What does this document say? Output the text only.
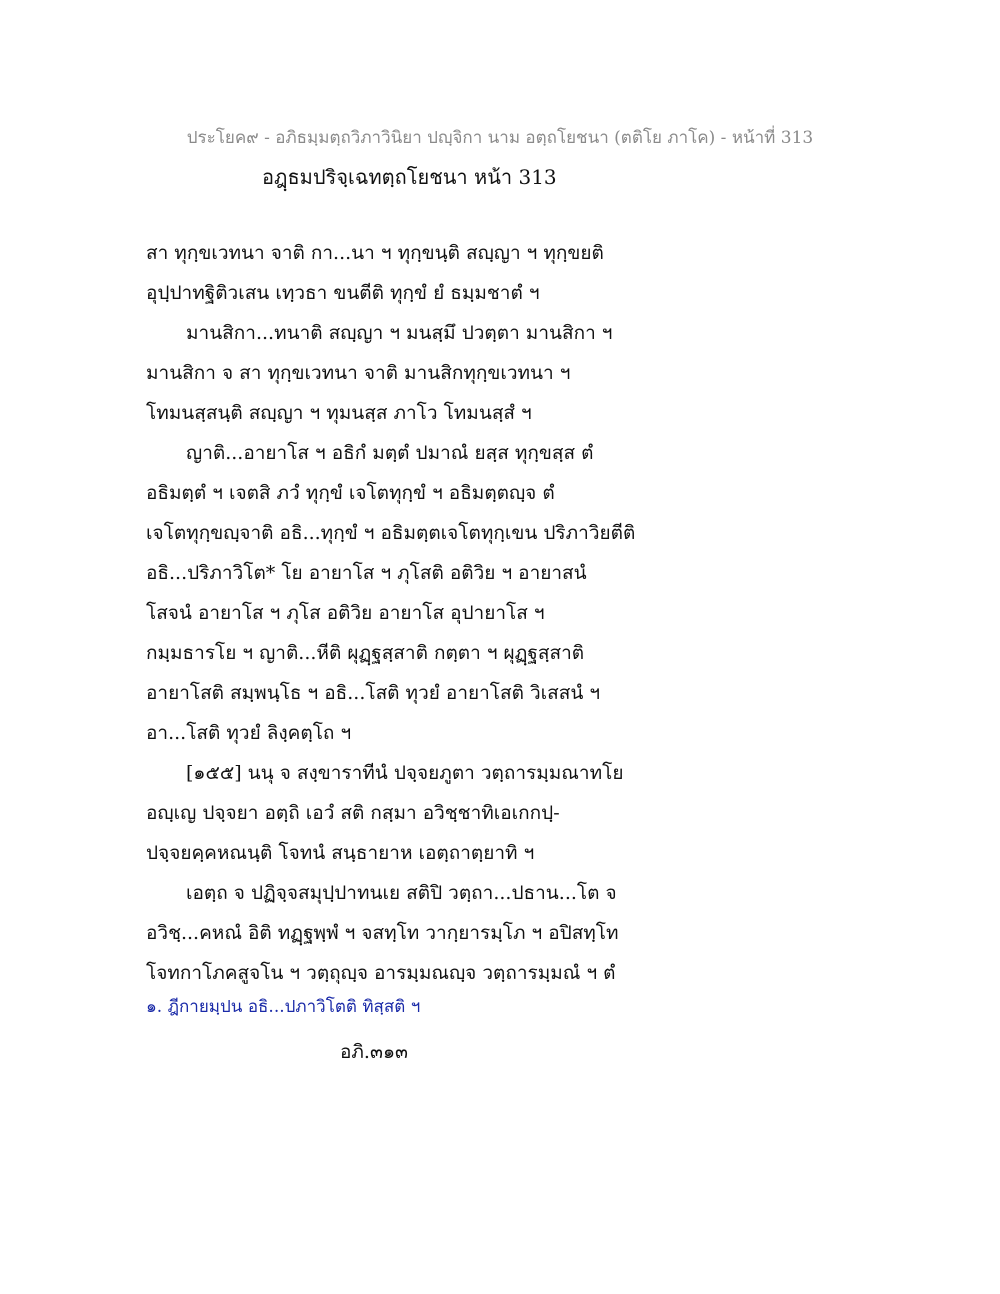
ประโยค๙ - อภิธมฺมตฺถวิภาวินิยา ปญฺจิกา นาม อตฺถโยชนา (ตติโย ภาโค) - หน้าที่ 313
อฎฺธมปริจฺเฉทตฺถโยชนา หน้า 313
สา ทุกฺขเวทนา จาติ กา...นา ฯ ทุกฺขนฺติ สญฺญา ฯ ทุกฺขยติ
อุปฺปาทฐิติวเสน เทฺวธา ขนตีติ ทุกฺขํ ยํ ธมฺมชาตํ ฯ
มานสิกา...ทนาติ สญฺญา ฯ มนสฺมึ ปวตฺตา มานสิกา ฯ
มานสิกา จ สา ทุกฺขเวทนา จาติ มานสิกทุกฺขเวทนา ฯ
โทมนสฺสนฺติ สญฺญา ฯ ทุมนสฺส ภาโว โทมนสฺสํ ฯ
ญาติ...อายาโส ฯ อธิกํ มตฺตํ ปมาณํ ยสฺส ทุกฺขสฺส ตํ
อธิมตฺตํ ฯ เจตสิ ภวํ ทุกฺขํ เจโตทุกฺขํ ฯ อธิมตฺตญฺจ ตํ
เจโตทุกฺขญฺจาติ อธิ...ทุกฺขํ ฯ อธิมตฺตเจโตทุกฺเขน ปริภาวิยตีติ
อธิ...ปริภาวิโต* โย อายาโส ฯ ภุโสติ อติวิย ฯ อายาสนํ
โสจนํ อายาโส ฯ ภุโส อติวิย อายาโส อุปายาโส ฯ
กมฺมธารโย ฯ ญาติ...หีติ ผุฏฺฐสฺสาติ กตฺตา ฯ ผุฏฺฐสฺสาติ
อายาโสติ สมฺพนฺโธ ฯ อธิ...โสติ ทุวยํ อายาโสติ วิเสสนํ ฯ
อา...โสติ ทุวยํ ลิงฺคตฺโถ ฯ
[๑๕๕] นนุ จ สงฺขาราทีนํ ปจฺจยภูตา วตฺถารมฺมณาทโย
อญฺเญ ปจฺจยา อตฺถิ เอวํ สติ กสฺมา อวิชฺชาทิเอเกกปฺ-
ปจฺจยคฺคหณนฺติ โจทนํ สนฺธายาห เอตฺถาตฺยาทิ ฯ
เอตฺถ จ ปฏิจฺจสมุปฺปาทนเย สติปิ วตฺถา...ปธาน...โต จ
อวิชฺ...คหณํ อิติ ทฏฺฐพฺพํ ฯ จสทฺโท วากฺยารมฺโภ ฯ อปิสทฺโท
โจทกาโภคสูจโน ฯ วตฺถุญฺจ อารมฺมณญฺจ วตฺถารมฺมณํ ฯ ตํ
๑. ฎีกายมฺปน อธิ...ปภาวิโตติ ทิสฺสติ ฯ
อภิ.๓๑๓
